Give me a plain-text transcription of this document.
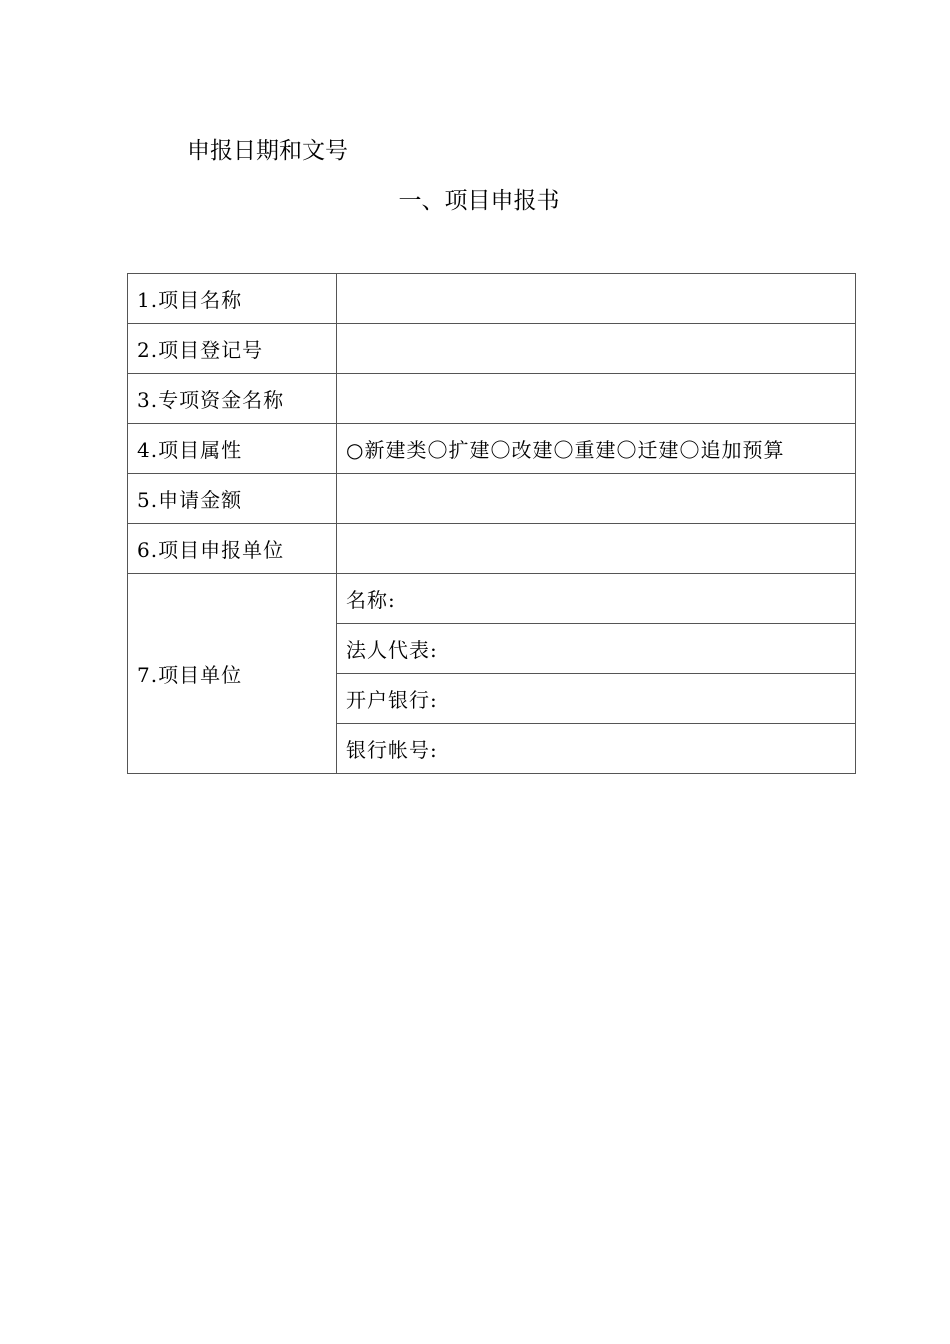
申报日期和文号
一、项目申报书
1.项目名称	
2.项目登记号	
3.专项资金名称	
4.项目属性	○新建类〇扩建〇改建〇重建〇迁建〇追加预算
5.申请金额	
6.项目申报单位	
7.项目单位	名称:
	法人代表:
	开户银行:
	银行帐号:
